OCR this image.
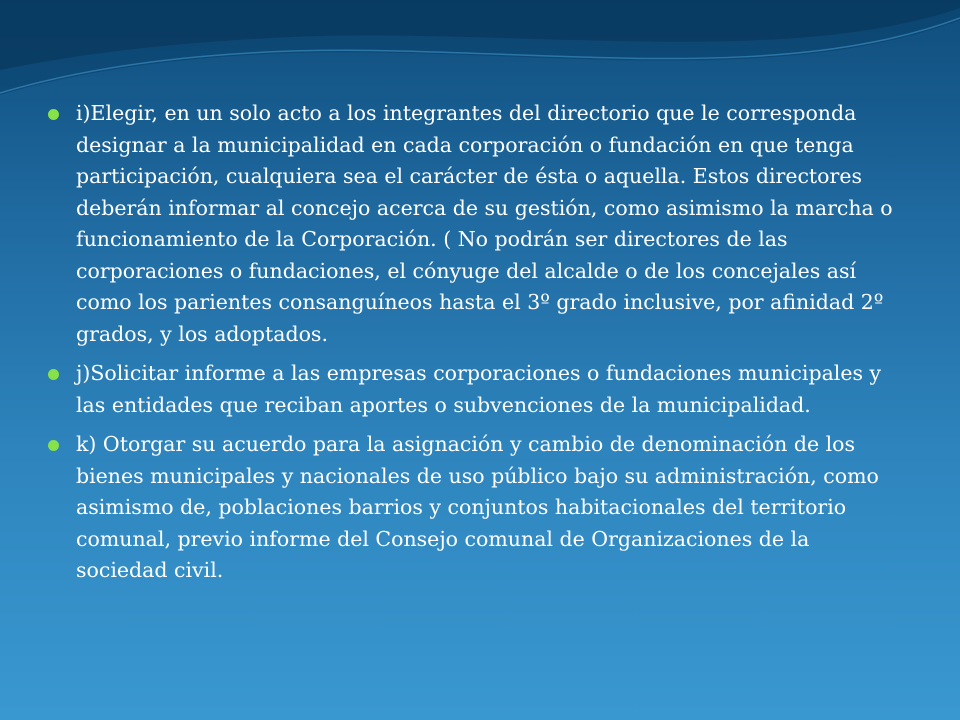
i)Elegir, en un solo acto a los integrantes del directorio que le corresponda designar a la municipalidad en cada corporación o fundación en que tenga participación, cualquiera sea el carácter de ésta o aquella. Estos directores deberán informar al concejo acerca de su gestión, como asimismo la marcha o funcionamiento de la Corporación. ( No podrán ser directores de las corporaciones o fundaciones, el cónyuge del alcalde o de los concejales así como los parientes consanguíneos hasta el 3º grado inclusive, por afinidad 2º grados, y los adoptados.
j)Solicitar informe a las empresas corporaciones o fundaciones municipales y las entidades que reciban aportes o subvenciones de la municipalidad.
k) Otorgar su acuerdo para la asignación y cambio de denominación de los bienes municipales y nacionales de uso público bajo su administración, como asimismo de, poblaciones barrios y conjuntos habitacionales del territorio comunal, previo informe del Consejo comunal de Organizaciones de la sociedad civil.
